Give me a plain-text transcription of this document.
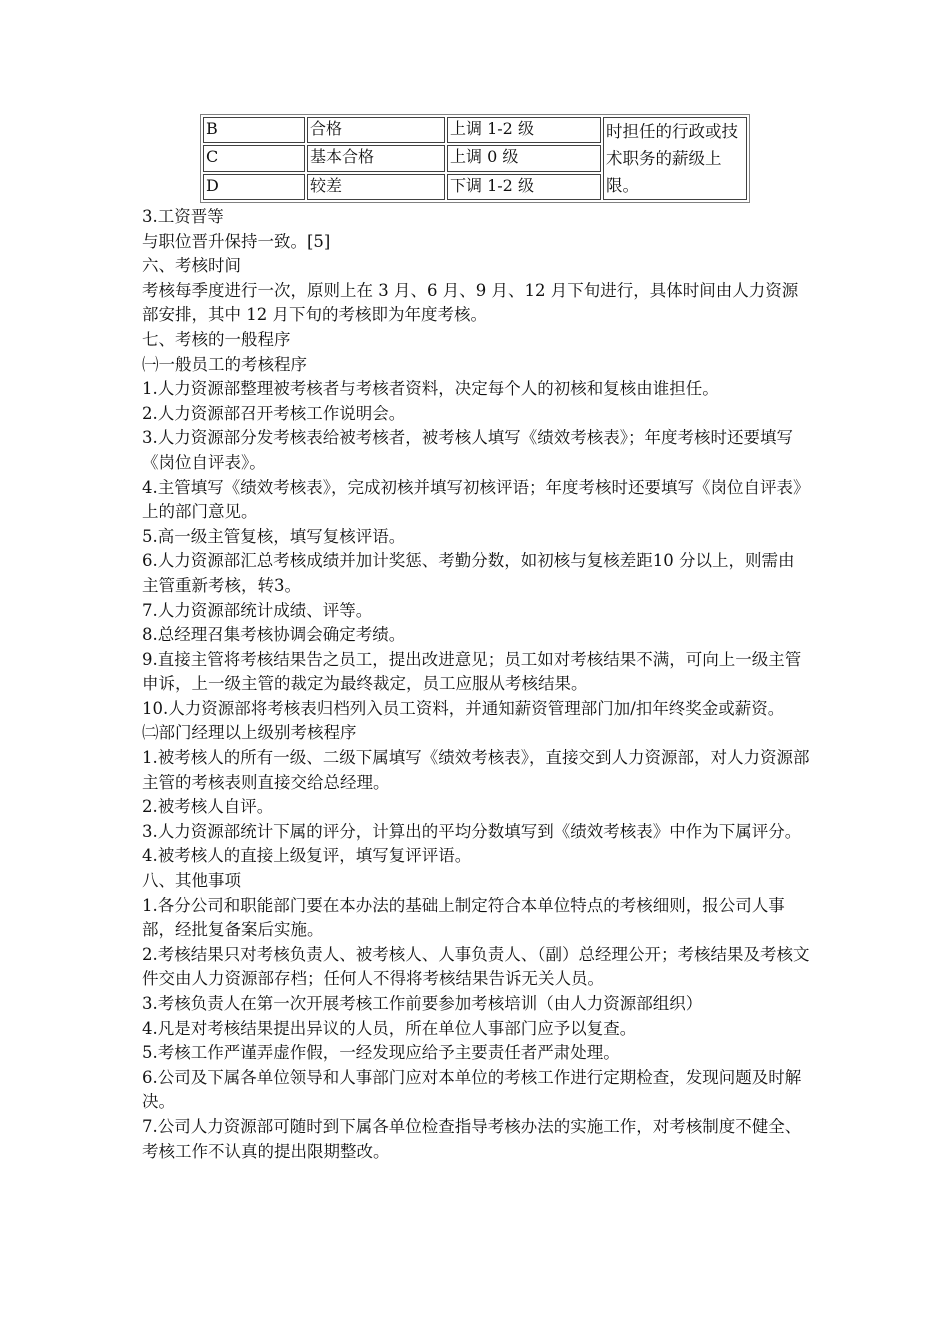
B	合格	上调 1-2 级	时担任的行政或技术职务的薪级上限。
C	基本合格	上调 0 级	
D	较差	下调 1-2 级	

3.工资晋等

与职位晋升保持一致。[5]

六、考核时间

考核每季度进行一次，原则上在 3 月、6 月、9 月、12 月下旬进行，具体时间由人力资源部安排，其中 12 月下旬的考核即为年度考核。

七、考核的一般程序

㈠一般员工的考核程序

1.人力资源部整理被考核者与考核者资料，决定每个人的初核和复核由谁担任。

2.人力资源部召开考核工作说明会。

3.人力资源部分发考核表给被考核者，被考核人填写《绩效考核表》；年度考核时还要填写《岗位自评表》。

4.主管填写《绩效考核表》，完成初核并填写初核评语；年度考核时还要填写《岗位自评表》上的部门意见。

5.高一级主管复核，填写复核评语。

6.人力资源部汇总考核成绩并加计奖惩、考勤分数，如初核与复核差距10 分以上，则需由主管重新考核，转3。

7.人力资源部统计成绩、评等。

8.总经理召集考核协调会确定考绩。

9.直接主管将考核结果告之员工，提出改进意见；员工如对考核结果不满，可向上一级主管申诉，上一级主管的裁定为最终裁定，员工应服从考核结果。

10.人力资源部将考核表归档列入员工资料，并通知薪资管理部门加/扣年终奖金或薪资。

㈡部门经理以上级别考核程序

1.被考核人的所有一级、二级下属填写《绩效考核表》，直接交到人力资源部，对人力资源部主管的考核表则直接交给总经理。

2.被考核人自评。

3.人力资源部统计下属的评分，计算出的平均分数填写到《绩效考核表》中作为下属评分。

4.被考核人的直接上级复评，填写复评评语。

八、其他事项

1.各分公司和职能部门要在本办法的基础上制定符合本单位特点的考核细则，报公司人事部，经批复备案后实施。

2.考核结果只对考核负责人、被考核人、人事负责人、（副）总经理公开；考核结果及考核文件交由人力资源部存档；任何人不得将考核结果告诉无关人员。

3.考核负责人在第一次开展考核工作前要参加考核培训（由人力资源部组织）

4.凡是对考核结果提出异议的人员，所在单位人事部门应予以复查。

5.考核工作严谨弄虚作假，一经发现应给予主要责任者严肃处理。

6.公司及下属各单位领导和人事部门应对本单位的考核工作进行定期检查，发现问题及时解决。

7.公司人力资源部可随时到下属各单位检查指导考核办法的实施工作，对考核制度不健全、考核工作不认真的提出限期整改。
